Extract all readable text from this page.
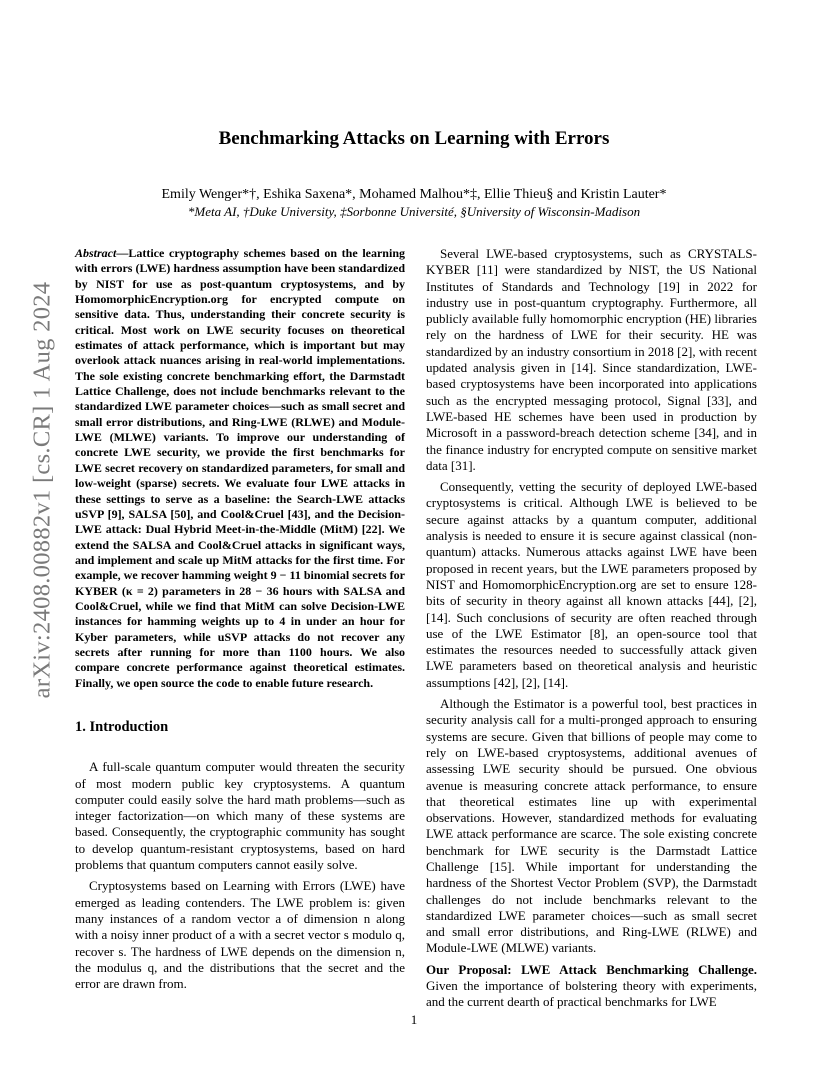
arXiv:2408.00882v1 [cs.CR] 1 Aug 2024
Benchmarking Attacks on Learning with Errors
Emily Wenger*†, Eshika Saxena*, Mohamed Malhou*‡, Ellie Thieu§ and Kristin Lauter*
*Meta AI, †Duke University, ‡Sorbonne Université, §University of Wisconsin-Madison

Abstract—Lattice cryptography schemes based on the learning with errors (LWE) hardness assumption have been standardized by NIST for use as post-quantum cryptosystems, and by HomomorphicEncryption.org for encrypted compute on sensitive data. Thus, understanding their concrete security is critical. Most work on LWE security focuses on theoretical estimates of attack performance, which is important but may overlook attack nuances arising in real-world implementations. The sole existing concrete benchmarking effort, the Darmstadt Lattice Challenge, does not include benchmarks relevant to the standardized LWE parameter choices—such as small secret and small error distributions, and Ring-LWE (RLWE) and Module-LWE (MLWE) variants. To improve our understanding of concrete LWE security, we provide the first benchmarks for LWE secret recovery on standardized parameters, for small and low-weight (sparse) secrets. We evaluate four LWE attacks in these settings to serve as a baseline: the Search-LWE attacks uSVP [9], SALSA [50], and Cool&Cruel [43], and the Decision-LWE attack: Dual Hybrid Meet-in-the-Middle (MitM) [22]. We extend the SALSA and Cool&Cruel attacks in significant ways, and implement and scale up MitM attacks for the first time. For example, we recover hamming weight 9 − 11 binomial secrets for KYBER (κ = 2) parameters in 28 − 36 hours with SALSA and Cool&Cruel, while we find that MitM can solve Decision-LWE instances for hamming weights up to 4 in under an hour for Kyber parameters, while uSVP attacks do not recover any secrets after running for more than 1100 hours. We also compare concrete performance against theoretical estimates. Finally, we open source the code to enable future research.

1. Introduction

A full-scale quantum computer would threaten the security of most modern public key cryptosystems. A quantum computer could easily solve the hard math problems—such as integer factorization—on which many of these systems are based. Consequently, the cryptographic community has sought to develop quantum-resistant cryptosystems, based on hard problems that quantum computers cannot easily solve.

Cryptosystems based on Learning with Errors (LWE) have emerged as leading contenders. The LWE problem is: given many instances of a random vector a of dimension n along with a noisy inner product of a with a secret vector s modulo q, recover s. The hardness of LWE depends on the dimension n, the modulus q, and the distributions that the secret and the error are drawn from.

Several LWE-based cryptosystems, such as CRYSTALS-KYBER [11] were standardized by NIST, the US National Institutes of Standards and Technology [19] in 2022 for industry use in post-quantum cryptography. Furthermore, all publicly available fully homomorphic encryption (HE) libraries rely on the hardness of LWE for their security. HE was standardized by an industry consortium in 2018 [2], with recent updated analysis given in [14]. Since standardization, LWE-based cryptosystems have been incorporated into applications such as the encrypted messaging protocol, Signal [33], and LWE-based HE schemes have been used in production by Microsoft in a password-breach detection scheme [34], and in the finance industry for encrypted compute on sensitive market data [31].

Consequently, vetting the security of deployed LWE-based cryptosystems is critical. Although LWE is believed to be secure against attacks by a quantum computer, additional analysis is needed to ensure it is secure against classical (non-quantum) attacks. Numerous attacks against LWE have been proposed in recent years, but the LWE parameters proposed by NIST and HomomorphicEncryption.org are set to ensure 128-bits of security in theory against all known attacks [44], [2], [14]. Such conclusions of security are often reached through use of the LWE Estimator [8], an open-source tool that estimates the resources needed to successfully attack given LWE parameters based on theoretical analysis and heuristic assumptions [42], [2], [14].

Although the Estimator is a powerful tool, best practices in security analysis call for a multi-pronged approach to ensuring systems are secure. Given that billions of people may come to rely on LWE-based cryptosystems, additional avenues of assessing LWE security should be pursued. One obvious avenue is measuring concrete attack performance, to ensure that theoretical estimates line up with experimental observations. However, standardized methods for evaluating LWE attack performance are scarce. The sole existing concrete benchmark for LWE security is the Darmstadt Lattice Challenge [15]. While important for understanding the hardness of the Shortest Vector Problem (SVP), the Darmstadt challenges do not include benchmarks relevant to the standardized LWE parameter choices—such as small secret and small error distributions, and Ring-LWE (RLWE) and Module-LWE (MLWE) variants.

Our Proposal: LWE Attack Benchmarking Challenge. Given the importance of bolstering theory with experiments, and the current dearth of practical benchmarks for LWE

1
